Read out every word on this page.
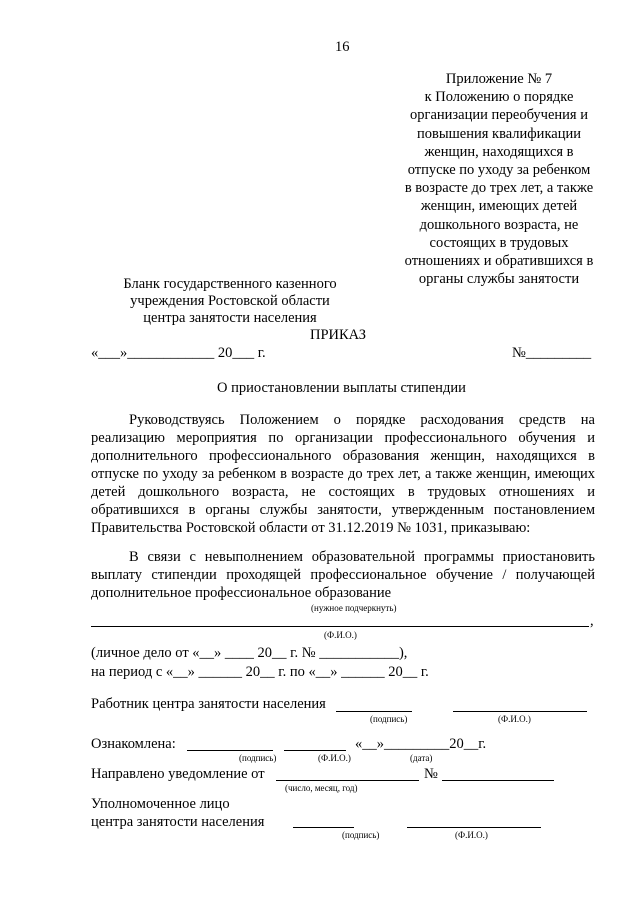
16
Приложение № 7
к Положению о порядке
организации переобучения и
повышения квалификации
женщин, находящихся в
отпуске по уходу за ребенком
в возрасте до трех лет, а также
женщин, имеющих детей
дошкольного возраста, не
состоящих в трудовых
отношениях и обратившихся в
органы службы занятости
Бланк государственного казенного
учреждения Ростовской области
центра занятости населения
ПРИКАЗ
«___»____________ 20___ г.	№_________
О приостановлении выплаты стипендии
Руководствуясь Положением о порядке расходования средств на реализацию мероприятия по организации профессионального обучения и дополнительного профессионального образования женщин, находящихся в отпуске по уходу за ребенком в возрасте до трех лет, а также женщин, имеющих детей дошкольного возраста, не состоящих в трудовых отношениях и обратившихся в органы службы занятости, утвержденным постановлением Правительства Ростовской области от 31.12.2019 № 1031, приказываю:
В связи с невыполнением образовательной программы приостановить выплату стипендии проходящей профессиональное обучение / получающей дополнительное профессиональное образование
(нужное подчеркнуть)
,
(Ф.И.О.)
(личное дело от «__» ____ 20__ г. № ___________),
на период с «__» ______ 20__ г. по «__» ______ 20__ г.
Работник центра занятости населения
(подпись)	(Ф.И.О.)
Ознакомлена:	«__»_________20__г.
(подпись)	(Ф.И.О.)	(дата)
Направлено уведомление от	№
(число, месяц, год)
Уполномоченное лицо
центра занятости населения
(подпись)	(Ф.И.О.)
